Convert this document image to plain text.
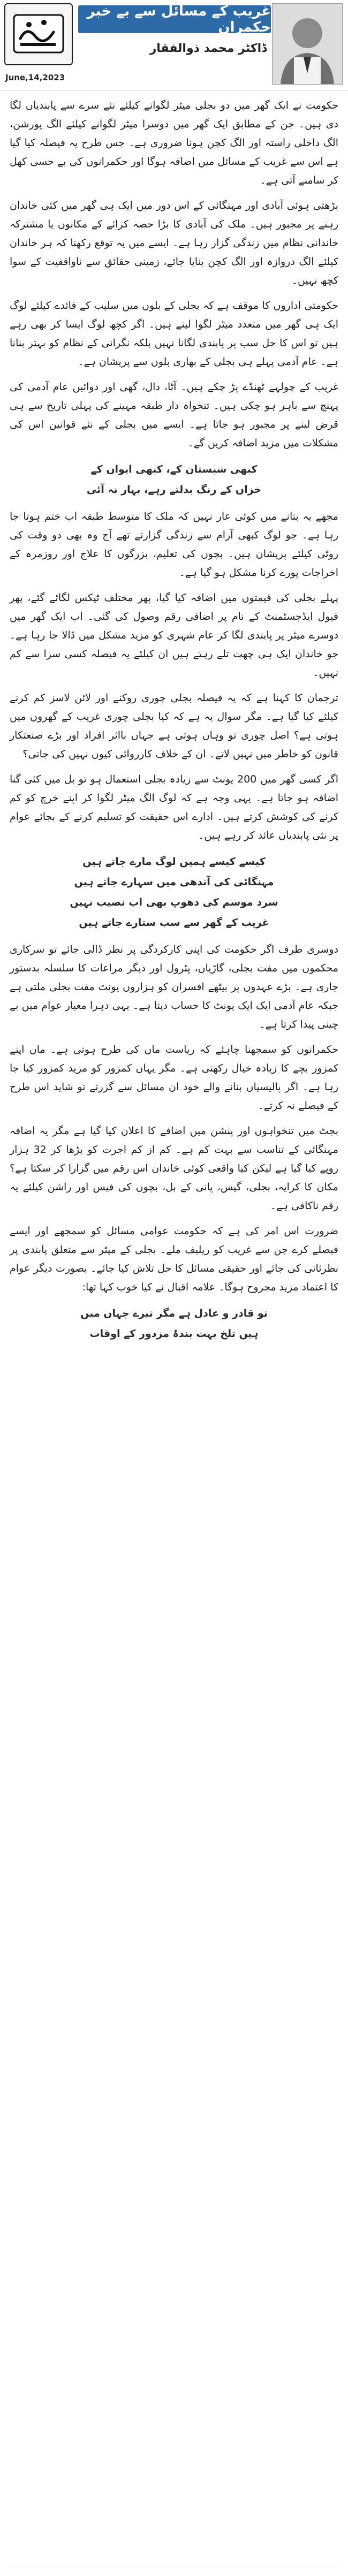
June,14,2023
غریب کے مسائل سے بے خبر حکمران
ڈاکٹر محمد ذوالفقار

حکومت نے ایک گھر میں دو بجلی میٹر لگوانے کیلئے نئے سرے سے پابندیاں لگا دی ہیں۔ جن کے مطابق ایک گھر میں دوسرا میٹر لگوانے کیلئے الگ پورشن، الگ داخلی راستہ اور الگ کچن ہونا ضروری ہے۔ جس طرح یہ فیصلہ کیا گیا ہے اس سے غریب کے مسائل میں اضافہ ہوگا اور حکمرانوں کی بے حسی کھل کر سامنے آتی ہے۔

بڑھتی ہوئی آبادی اور مہنگائی کے اس دور میں ایک ہی گھر میں کئی خاندان رہنے پر مجبور ہیں۔ ملک کی آبادی کا بڑا حصہ کرائے کے مکانوں یا مشترکہ خاندانی نظام میں زندگی گزار رہا ہے۔ ایسے میں یہ توقع رکھنا کہ ہر خاندان کیلئے الگ دروازہ اور الگ کچن بنایا جائے، زمینی حقائق سے ناواقفیت کے سوا کچھ نہیں۔

حکومتی اداروں کا موقف ہے کہ بجلی کے بلوں میں سلیب کے فائدے کیلئے لوگ ایک ہی گھر میں متعدد میٹر لگوا لیتے ہیں۔ اگر کچھ لوگ ایسا کر بھی رہے ہیں تو اس کا حل سب پر پابندی لگانا نہیں بلکہ نگرانی کے نظام کو بہتر بنانا ہے۔ عام آدمی پہلے ہی بجلی کے بھاری بلوں سے پریشان ہے۔

غریب کے چولہے ٹھنڈے پڑ چکے ہیں۔ آٹا، دال، گھی اور دوائیں عام آدمی کی پہنچ سے باہر ہو چکی ہیں۔ تنخواہ دار طبقہ مہینے کی پہلی تاریخ سے ہی قرض لینے پر مجبور ہو جاتا ہے۔ ایسے میں بجلی کے نئے قوانین اس کی مشکلات میں مزید اضافہ کریں گے۔

کبھی شبستان کے، کبھی ایوان کے
خزاں کے رنگ بدلتے رہے، بہار نہ آئی

مجھے یہ بتانے میں کوئی عار نہیں کہ ملک کا متوسط طبقہ اب ختم ہوتا جا رہا ہے۔ جو لوگ کبھی آرام سے زندگی گزارتے تھے آج وہ بھی دو وقت کی روٹی کیلئے پریشان ہیں۔ بچوں کی تعلیم، بزرگوں کا علاج اور روزمرہ کے اخراجات پورے کرنا مشکل ہو گیا ہے۔

پہلے بجلی کی قیمتوں میں اضافہ کیا گیا، پھر مختلف ٹیکس لگائے گئے، پھر فیول ایڈجسٹمنٹ کے نام پر اضافی رقم وصول کی گئی۔ اب ایک گھر میں دوسرے میٹر پر پابندی لگا کر عام شہری کو مزید مشکل میں ڈالا جا رہا ہے۔ جو خاندان ایک ہی چھت تلے رہتے ہیں ان کیلئے یہ فیصلہ کسی سزا سے کم نہیں۔

ترجمان کا کہنا ہے کہ یہ فیصلہ بجلی چوری روکنے اور لائن لاسز کم کرنے کیلئے کیا گیا ہے۔ مگر سوال یہ ہے کہ کیا بجلی چوری غریب کے گھروں میں ہوتی ہے؟ اصل چوری تو وہاں ہوتی ہے جہاں بااثر افراد اور بڑے صنعتکار قانون کو خاطر میں نہیں لاتے۔ ان کے خلاف کارروائی کیوں نہیں کی جاتی؟

اگر کسی گھر میں 200 یونٹ سے زیادہ بجلی استعمال ہو تو بل میں کئی گنا اضافہ ہو جاتا ہے۔ یہی وجہ ہے کہ لوگ الگ میٹر لگوا کر اپنے خرچ کو کم کرنے کی کوشش کرتے ہیں۔ ادارے اس حقیقت کو تسلیم کرنے کے بجائے عوام پر نئی پابندیاں عائد کر رہے ہیں۔

کیسے کیسے ہمیں لوگ مارے جاتے ہیں
مہنگائی کی آندھی میں سہارے جاتے ہیں
سرد موسم کی دھوپ بھی اب نصیب نہیں
غریب کے گھر سے سب ستارے جاتے ہیں

دوسری طرف اگر حکومت کی اپنی کارکردگی پر نظر ڈالی جائے تو سرکاری محکموں میں مفت بجلی، گاڑیاں، پٹرول اور دیگر مراعات کا سلسلہ بدستور جاری ہے۔ بڑے عہدوں پر بیٹھے افسران کو ہزاروں یونٹ مفت بجلی ملتی ہے جبکہ عام آدمی ایک ایک یونٹ کا حساب دیتا ہے۔ یہی دہرا معیار عوام میں بے چینی پیدا کرتا ہے۔

حکمرانوں کو سمجھنا چاہئے کہ ریاست ماں کی طرح ہوتی ہے۔ ماں اپنے کمزور بچے کا زیادہ خیال رکھتی ہے۔ مگر یہاں کمزور کو مزید کمزور کیا جا رہا ہے۔ اگر پالیسیاں بنانے والے خود ان مسائل سے گزرتے تو شاید اس طرح کے فیصلے نہ کرتے۔

بجٹ میں تنخواہوں اور پنشن میں اضافے کا اعلان کیا گیا ہے مگر یہ اضافہ مہنگائی کے تناسب سے بہت کم ہے۔ کم از کم اجرت کو بڑھا کر 32 ہزار روپے کیا گیا ہے لیکن کیا واقعی کوئی خاندان اس رقم میں گزارا کر سکتا ہے؟ مکان کا کرایہ، بجلی، گیس، پانی کے بل، بچوں کی فیس اور راشن کیلئے یہ رقم ناکافی ہے۔

ضرورت اس امر کی ہے کہ حکومت عوامی مسائل کو سمجھے اور ایسے فیصلے کرے جن سے غریب کو ریلیف ملے۔ بجلی کے میٹر سے متعلق پابندی پر نظرثانی کی جائے اور حقیقی مسائل کا حل تلاش کیا جائے۔ بصورت دیگر عوام کا اعتماد مزید مجروح ہوگا۔ علامہ اقبال نے کیا خوب کہا تھا:

تو قادر و عادل ہے مگر تیرے جہاں میں
ہیں تلخ بہت بندۂ مزدور کے اوقات
